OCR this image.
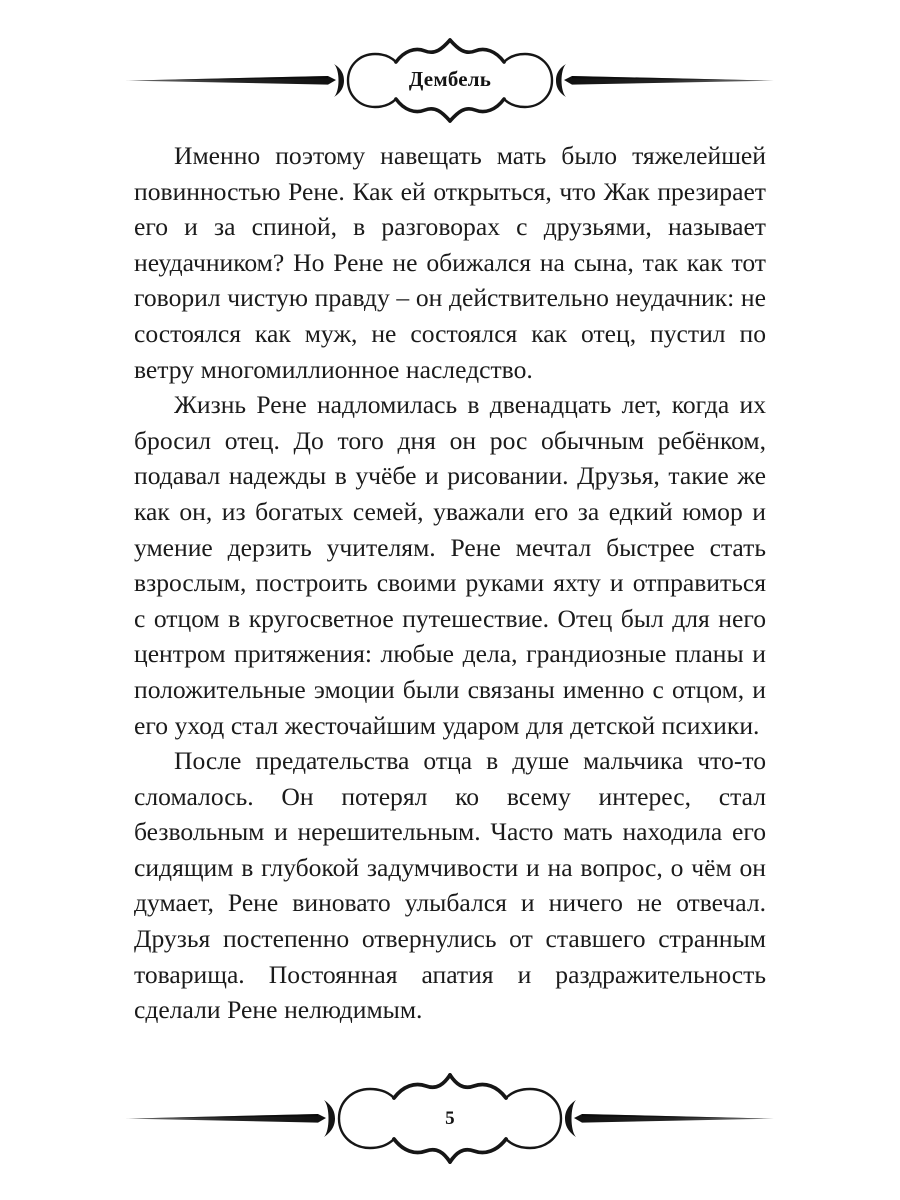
Дембель

Именно поэтому навещать мать было тяжелейшей повинностью Рене. Как ей открыться, что Жак презирает его и за спиной, в разговорах с друзьями, называет неудачником? Но Рене не обижался на сына, так как тот говорил чистую правду – он действительно неудачник: не состоялся как муж, не состоялся как отец, пустил по ветру многомиллионное наследство.

Жизнь Рене надломилась в двенадцать лет, когда их бросил отец. До того дня он рос обычным ребёнком, подавал надежды в учёбе и рисовании. Друзья, такие же как он, из богатых семей, уважали его за едкий юмор и умение дерзить учителям. Рене мечтал быстрее стать взрослым, построить своими руками яхту и отправиться с отцом в кругосветное путешествие. Отец был для него центром притяжения: любые дела, грандиозные планы и положительные эмоции были связаны именно с отцом, и его уход стал жесточайшим ударом для детской психики.

После предательства отца в душе мальчика что-то сломалось. Он потерял ко всему интерес, стал безвольным и нерешительным. Часто мать находила его сидящим в глубокой задумчивости и на вопрос, о чём он думает, Рене виновато улыбался и ничего не отвечал. Друзья постепенно отвернулись от ставшего странным товарища. Постоянная апатия и раздражительность сделали Рене нелюдимым.

5
